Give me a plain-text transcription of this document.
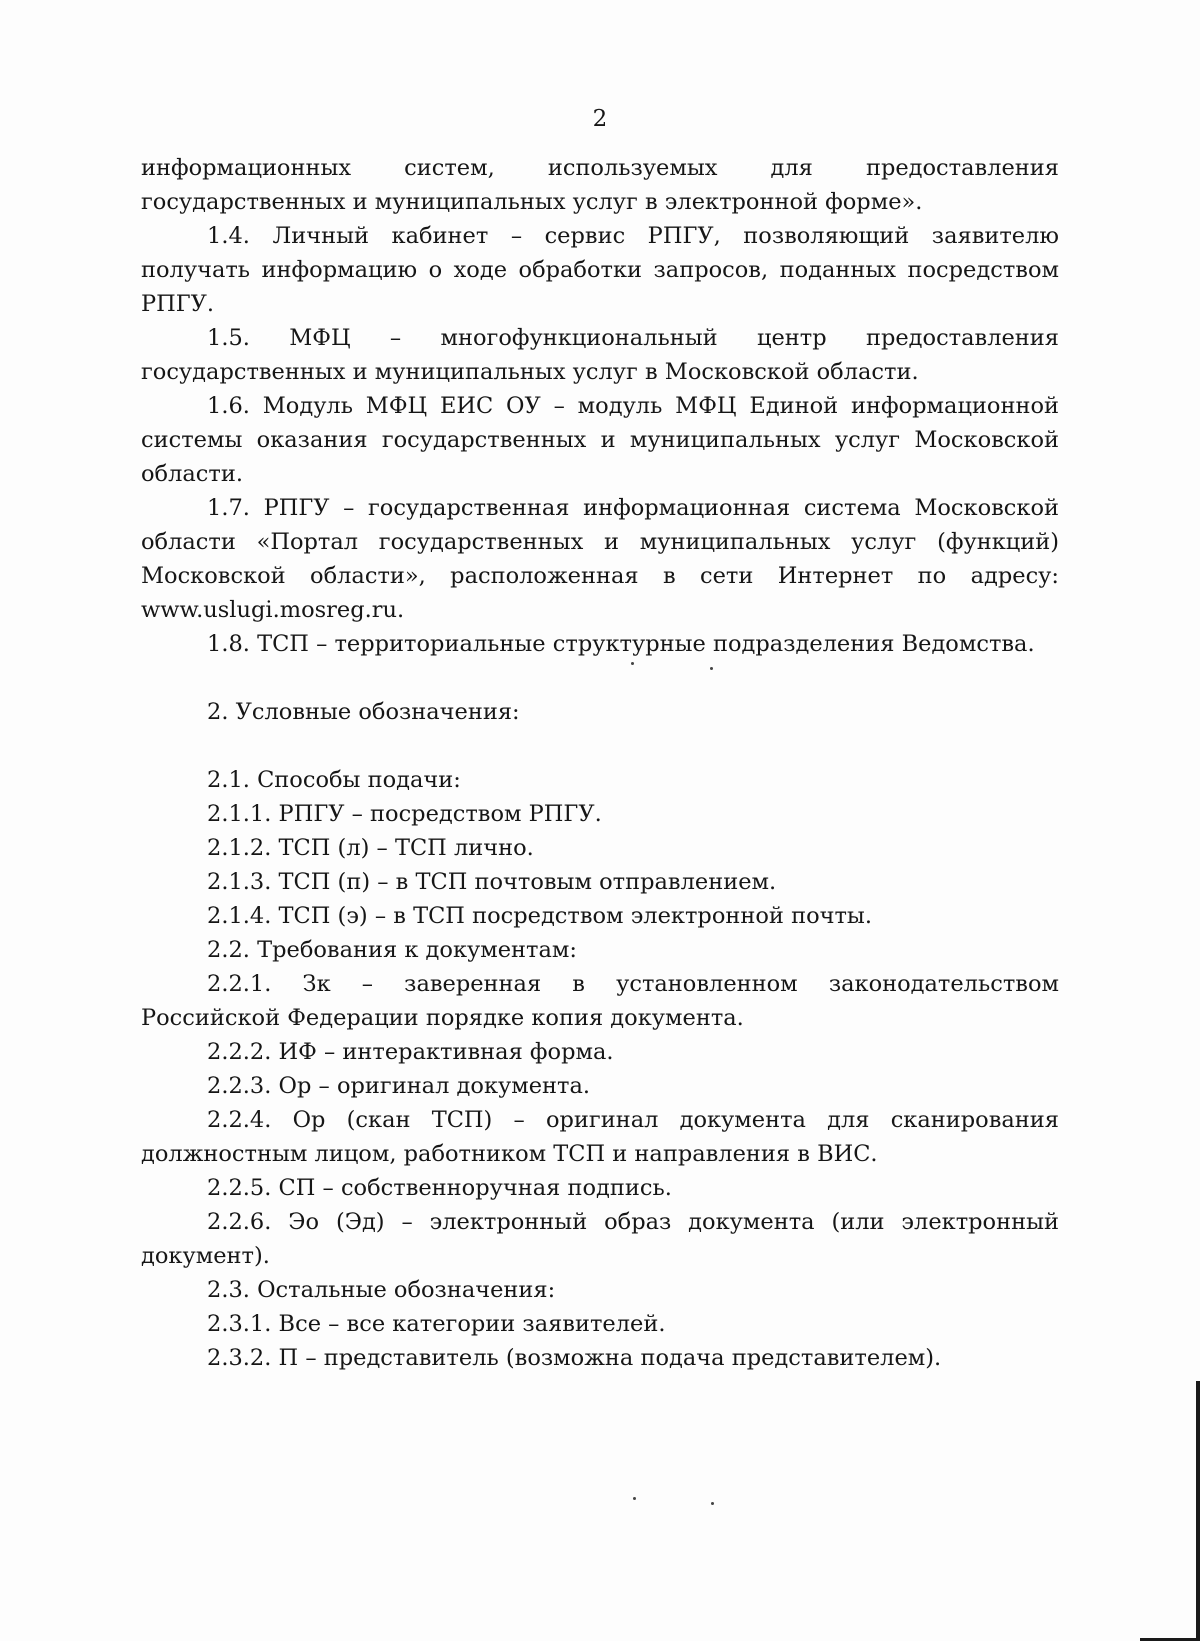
2

информационных систем, используемых для предоставления государственных и муниципальных услуг в электронной форме».

1.4. Личный кабинет – сервис РПГУ, позволяющий заявителю получать информацию о ходе обработки запросов, поданных посредством РПГУ.

1.5. МФЦ – многофункциональный центр предоставления государственных и муниципальных услуг в Московской области.

1.6. Модуль МФЦ ЕИС ОУ – модуль МФЦ Единой информационной системы оказания государственных и муниципальных услуг Московской области.

1.7. РПГУ – государственная информационная система Московской области «Портал государственных и муниципальных услуг (функций) Московской области», расположенная в сети Интернет по адресу: www.uslugi.mosreg.ru.

1.8. ТСП – территориальные структурные подразделения Ведомства.

2. Условные обозначения:

2.1. Способы подачи:

2.1.1. РПГУ – посредством РПГУ.

2.1.2. ТСП (л) – ТСП лично.

2.1.3. ТСП (п) – в ТСП почтовым отправлением.

2.1.4. ТСП (э) – в ТСП посредством электронной почты.

2.2. Требования к документам:

2.2.1. Зк – заверенная в установленном законодательством Российской Федерации порядке копия документа.

2.2.2. ИФ – интерактивная форма.

2.2.3. Ор – оригинал документа.

2.2.4. Ор (скан ТСП) – оригинал документа для сканирования должностным лицом, работником ТСП и направления в ВИС.

2.2.5. СП – собственноручная подпись.

2.2.6. Эо (Эд) – электронный образ документа (или электронный документ).

2.3. Остальные обозначения:

2.3.1. Все – все категории заявителей.

2.3.2. П – представитель (возможна подача представителем).
